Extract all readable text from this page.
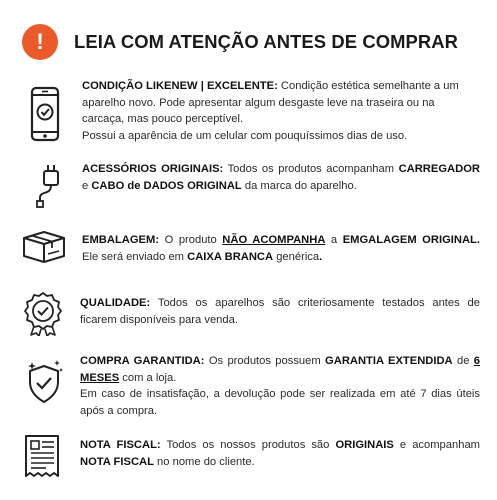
!	LEIA COM ATENÇÃO ANTES DE COMPRAR
CONDIÇÃO LIKENEW | EXCELENTE: Condição estética semelhante a um aparelho novo. Pode apresentar algum desgaste leve na traseira ou na carcaça, mas pouco perceptível.
Possui a aparência de um celular com pouquíssimos dias de uso.
ACESSÓRIOS ORIGINAIS: Todos os produtos acompanham CARREGADOR e CABO de DADOS ORIGINAL da marca do aparelho.
EMBALAGEM: O produto NÃO ACOMPANHA a EMGALAGEM ORIGINAL. Ele será enviado em CAIXA BRANCA genérica.
QUALIDADE: Todos os aparelhos são criteriosamente testados antes de ficarem disponíveis para venda.
COMPRA GARANTIDA: Os produtos possuem GARANTIA EXTENDIDA de 6 MESES com a loja.
Em caso de insatisfação, a devolução pode ser realizada em até 7 dias úteis após a compra.
NOTA FISCAL: Todos os nossos produtos são ORIGINAIS e acompanham NOTA FISCAL no nome do cliente.
